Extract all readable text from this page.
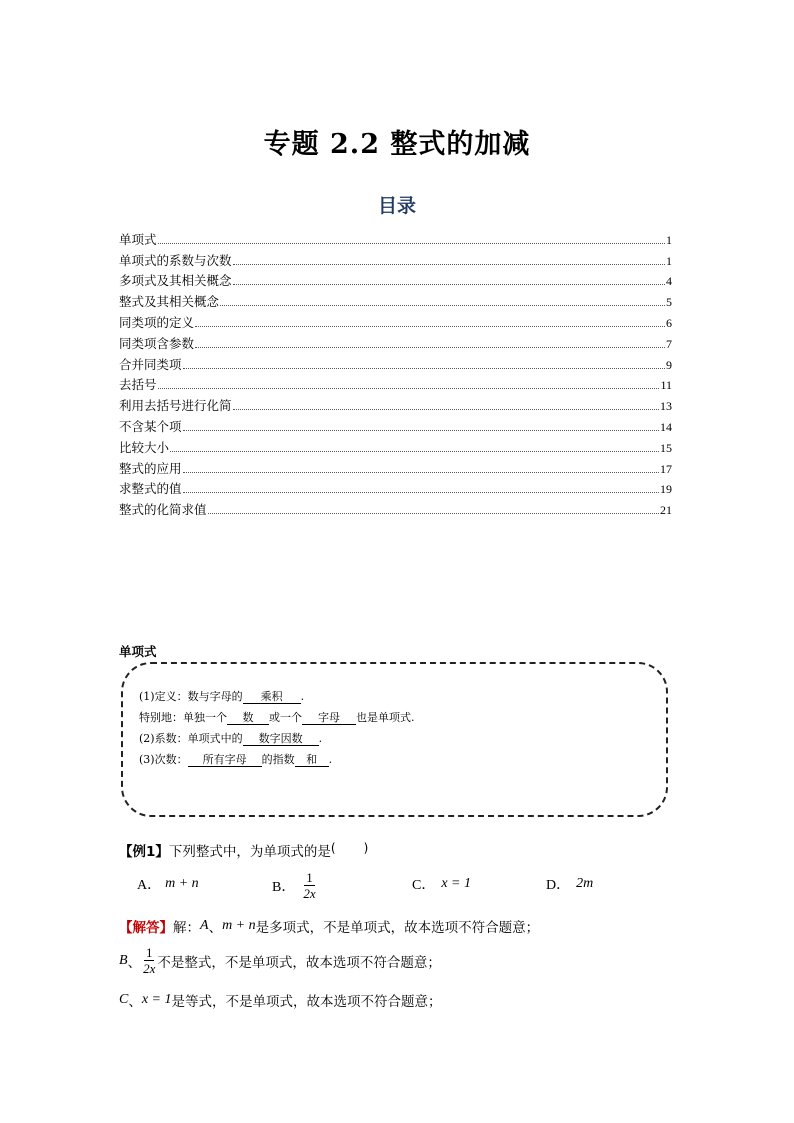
专题 2.2 整式的加减
目录
单项式	1
单项式的系数与次数	1
多项式及其相关概念	4
整式及其相关概念	5
同类项的定义	6
同类项含参数	7
合并同类项	9
去括号	11
利用去括号进行化简	13
不含某个项	14
比较大小	15
整式的应用	17
求整式的值	19
整式的化简求值	21
单项式
(1)定义：数与字母的 乘积 .
特别地：单独一个 数 或一个 字母 也是单项式.
(2)系数：单项式中的 数字因数 .
(3)次数： 所有字母 的指数 和 .
【例1】下列整式中，为单项式的是( )
A． m + n	B． $\frac{1}{2x}$	C． x = 1	D． 2m
【解答】 解： A 、 m + n 是多项式，不是单项式，故本选项不符合题意；
B 、 $\frac{1}{2x}$ 不是整式，不是单项式，故本选项不符合题意；
C 、 x = 1 是等式，不是单项式，故本选项不符合题意；
